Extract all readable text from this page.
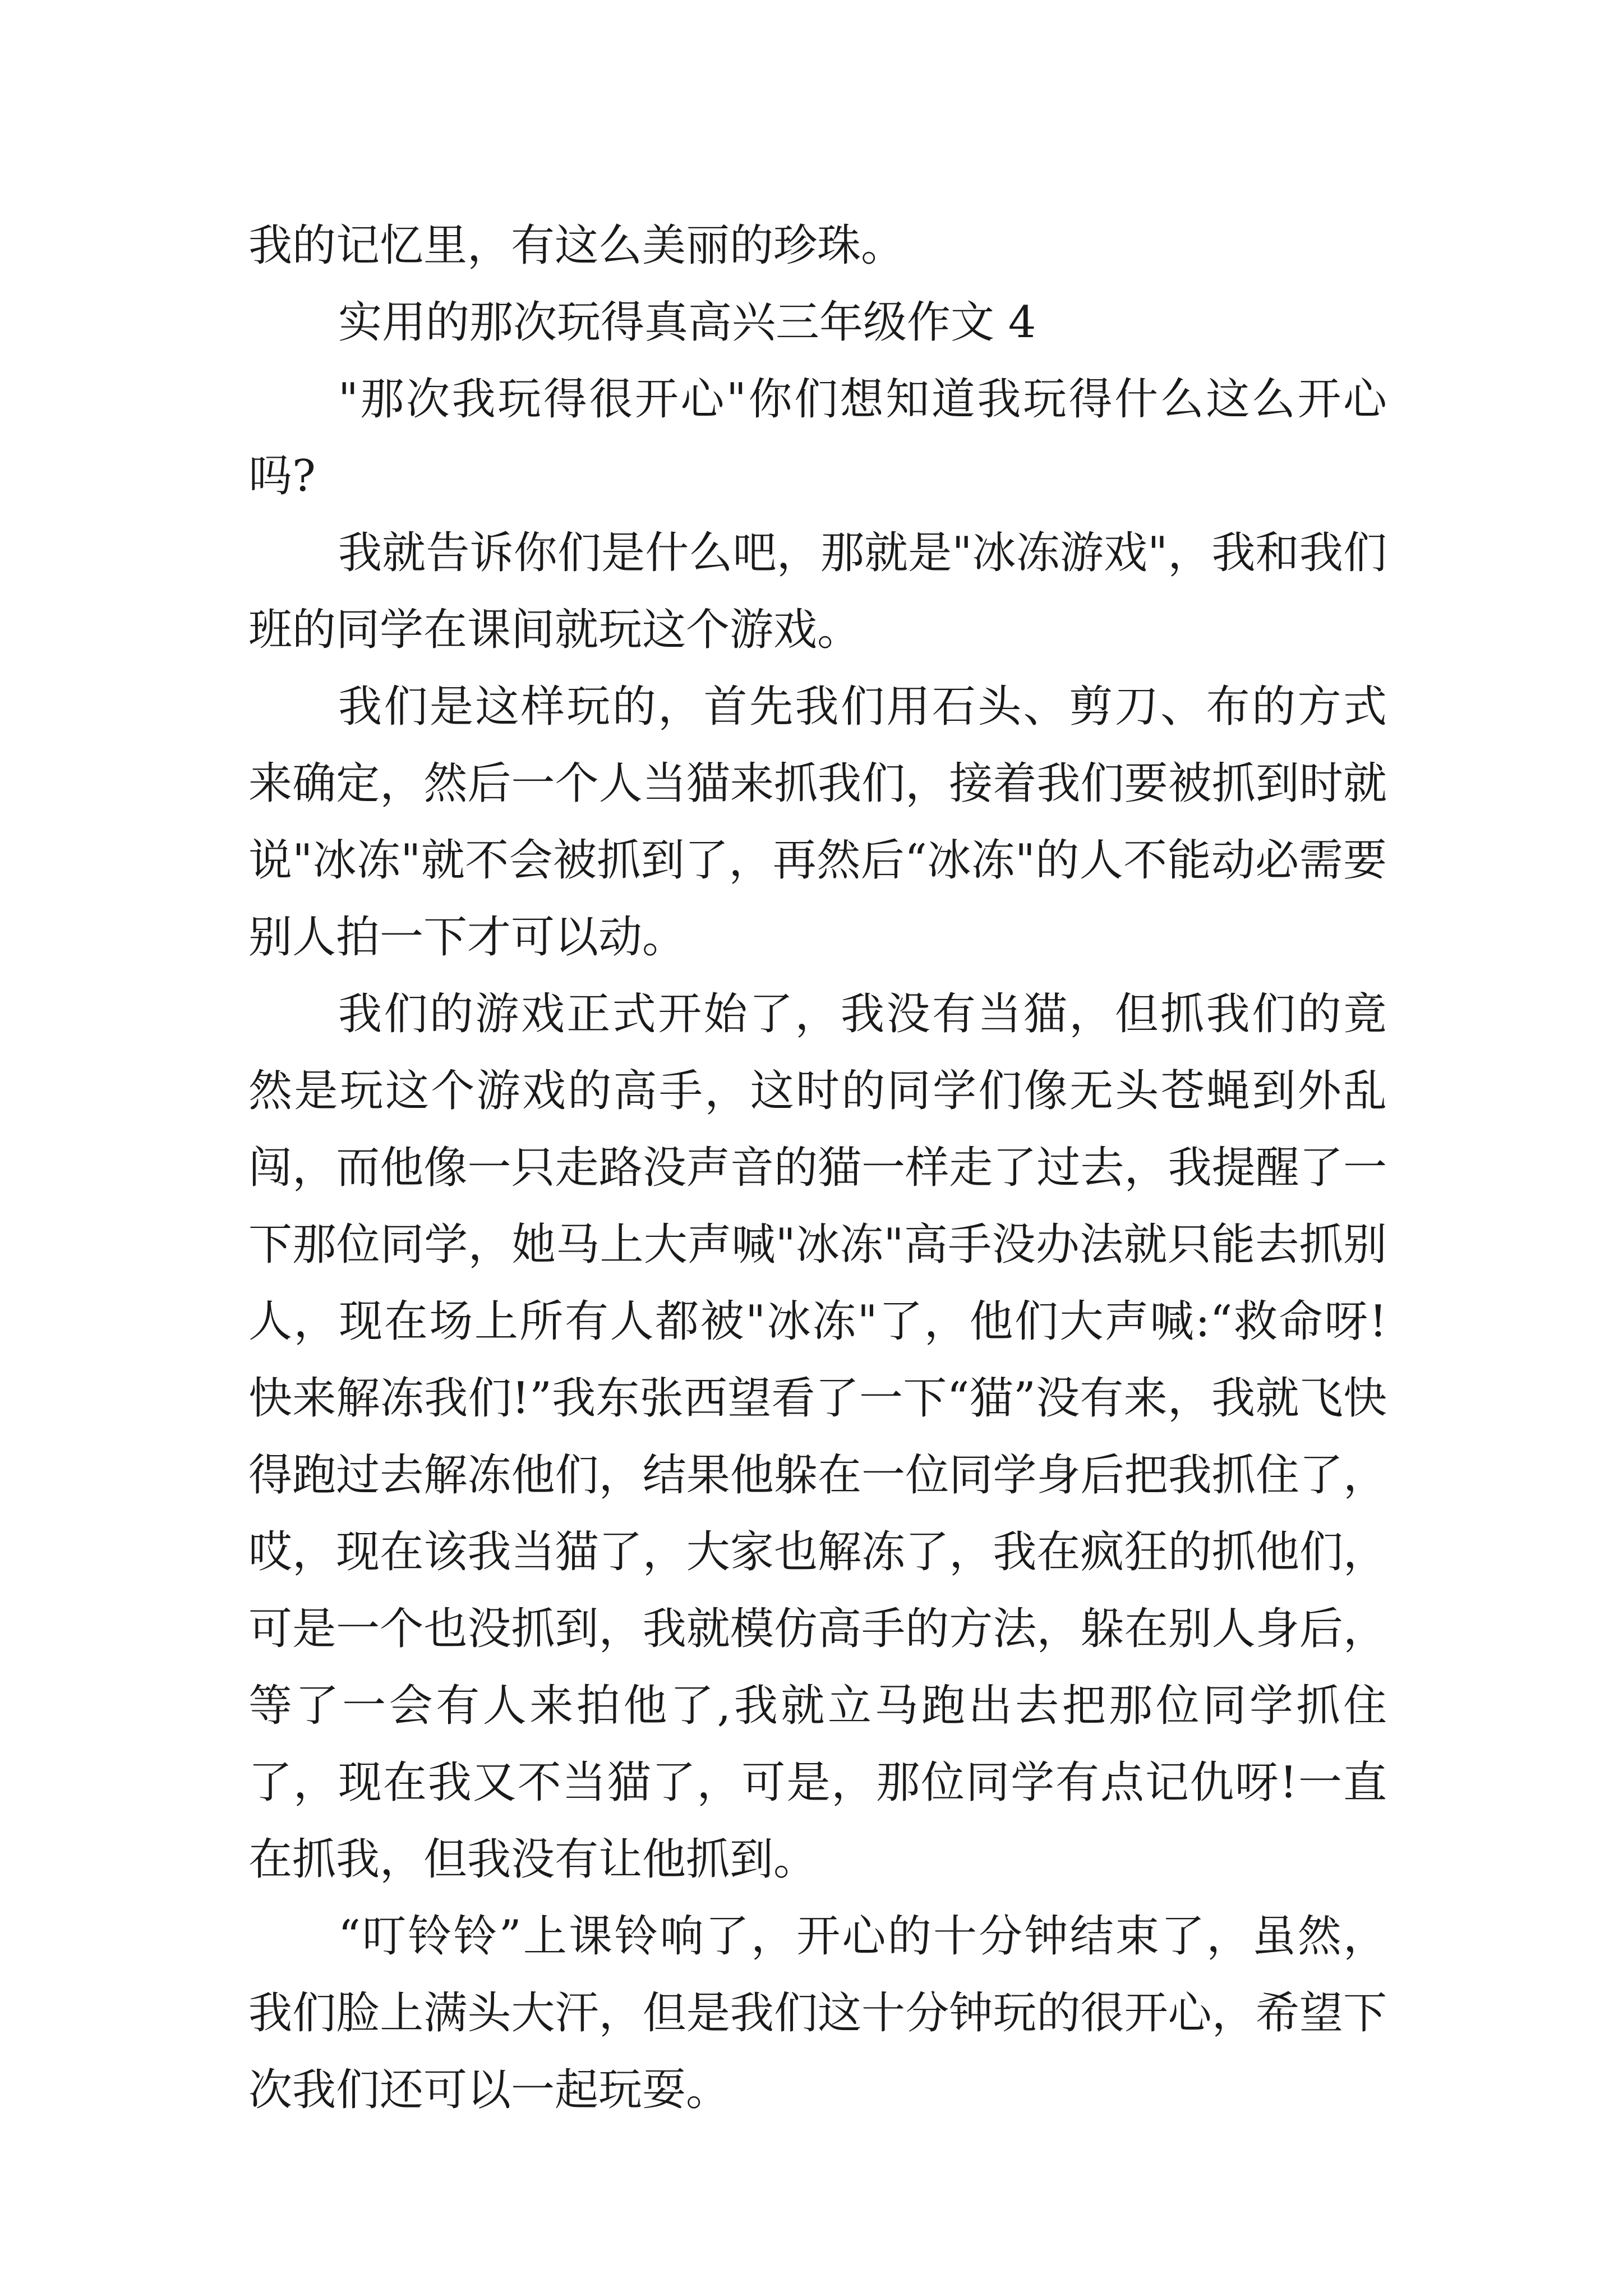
我的记忆里，有这么美丽的珍珠。

实用的那次玩得真高兴三年级作文 4

"那次我玩得很开心"你们想知道我玩得什么这么开心吗?

我就告诉你们是什么吧，那就是"冰冻游戏"，我和我们班的同学在课间就玩这个游戏。

我们是这样玩的，首先我们用石头、剪刀、布的方式来确定，然后一个人当猫来抓我们，接着我们要被抓到时就说"冰冻"就不会被抓到了，再然后“冰冻"的人不能动必需要别人拍一下才可以动。

我们的游戏正式开始了，我没有当猫，但抓我们的竟然是玩这个游戏的高手，这时的同学们像无头苍蝇到外乱闯，而他像一只走路没声音的猫一样走了过去，我提醒了一下那位同学，她马上大声喊"冰冻"高手没办法就只能去抓别人，现在场上所有人都被"冰冻"了，他们大声喊:“救命呀!快来解冻我们!”我东张西望看了一下“猫”没有来，我就飞快得跑过去解冻他们，结果他躲在一位同学身后把我抓住了，哎，现在该我当猫了，大家也解冻了，我在疯狂的抓他们，可是一个也没抓到，我就模仿高手的方法，躲在别人身后，等了一会有人来拍他了,我就立马跑出去把那位同学抓住了，现在我又不当猫了，可是，那位同学有点记仇呀!一直在抓我，但我没有让他抓到。

“叮铃铃”上课铃响了，开心的十分钟结束了，虽然，我们脸上满头大汗，但是我们这十分钟玩的很开心，希望下次我们还可以一起玩耍。
